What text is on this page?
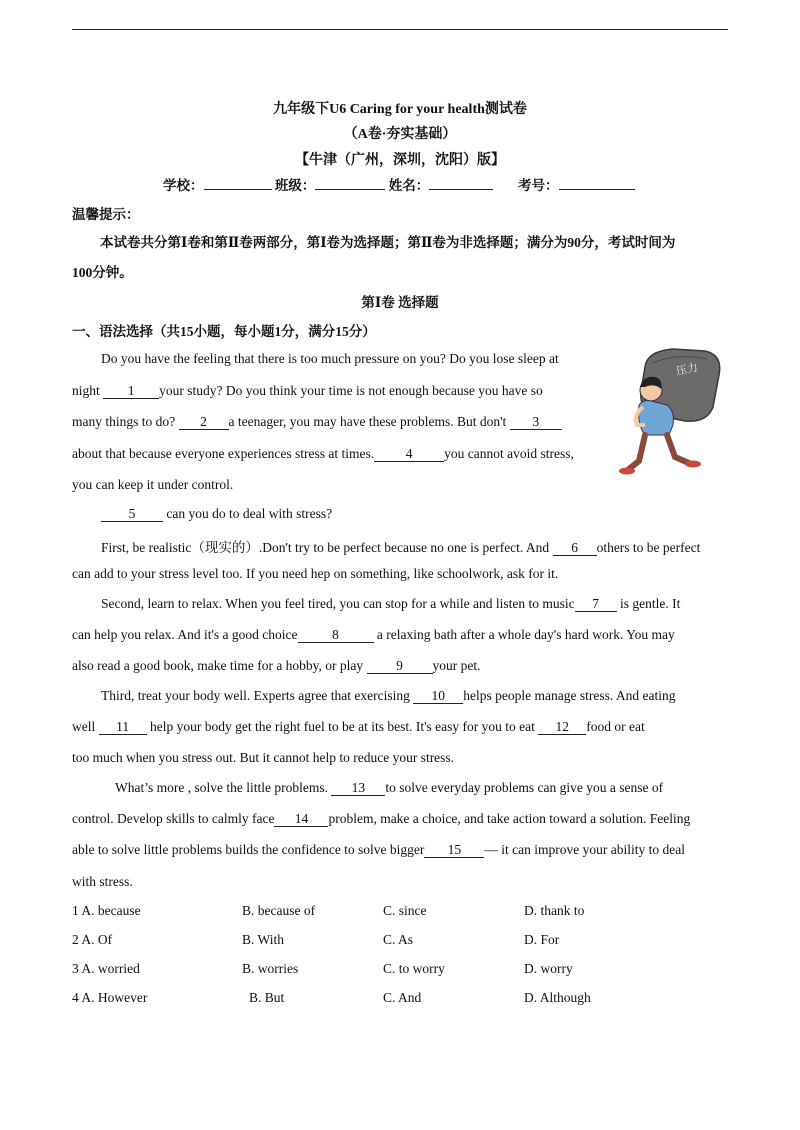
九年级下U6 Caring for your health测试卷
（A卷·夯实基础）
【牛津（广州，深圳，沈阳）版】
学校：	班级：	姓名：	考号：
温馨提示：
本试卷共分第Ⅰ卷和第Ⅱ卷两部分，第Ⅰ卷为选择题；第Ⅱ卷为非选择题；满分为90分，考试时间为
100分钟。
第Ⅰ卷 选择题
一、语法选择（共15小题，每小题1分，满分15分）
压力
Do you have the feeling that there is too much pressure on you? Do you lose sleep at
night 1 your study? Do you think your time is not enough because you have so
many things to do? 2 a teenager, you may have these problems. But don't 3
about that because everyone experiences stress at times. 4 you cannot avoid stress,
you can keep it under control.
5 can you do to deal with stress?
First, be realistic（现实的）.Don't try to be perfect because no one is perfect. And 6 others to be perfect
can add to your stress level too. If you need hep on something, like schoolwork, ask for it.
Second, learn to relax. When you feel tired, you can stop for a while and listen to music 7 is gentle. It
can help you relax. And it's a good choice	8	a relaxing bath after a whole day's hard work. You may
also read a good book, make time for a hobby, or play 9 your pet.
Third, treat your body well. Experts agree that exercising 10 helps people manage stress. And eating
well 11 help your body get the right fuel to be at its best. It's easy for you to eat 12 food or eat
too much when you stress out. But it cannot help to reduce your stress.
What’s more , solve the little problems. 13 to solve everyday problems can give you a sense of
control. Develop skills to calmly face 14 problem, make a choice, and take action toward a solution. Feeling
able to solve little problems builds the confidence to solve bigger 15 — it can improve your ability to deal
with stress.
1 A. because	B. because of	C. since	D. thank to
2 A. Of	B. With	C. As	D. For
3 A. worried	B. worries	C. to worry	D. worry
4 A. However	B. But	C. And	D. Although
